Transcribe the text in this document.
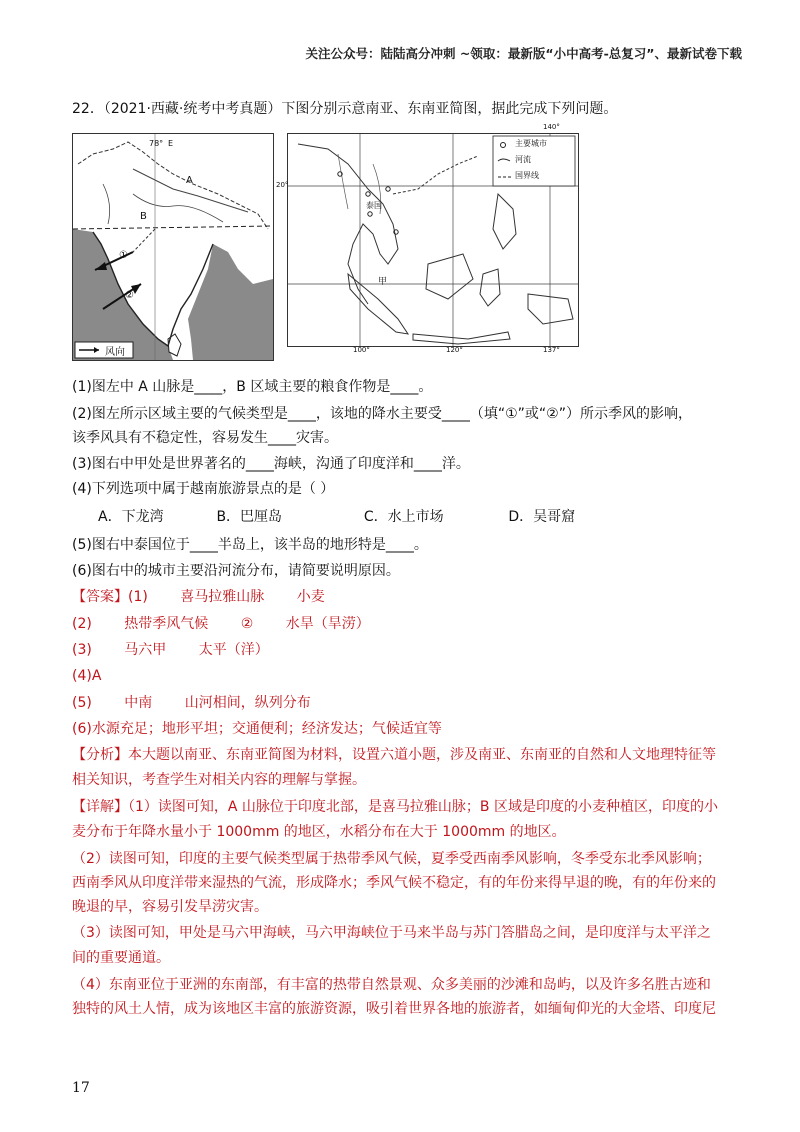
关注公众号：陆陆高分冲刺 ~领取：最新版“小中高考-总复习”、最新试卷下载
22．（2021·西藏·统考中考真题）下图分别示意南亚、东南亚简图，据此完成下列问题。
A
B
E
78°
①
②
风向
主要城市
河流
国界线
泰国
甲
140°
20°
100°	120°	137°
(1)图左中 A 山脉是____，B 区域主要的粮食作物是____。
(2)图左所示区域主要的气候类型是____，该地的降水主要受____（填“①”或“②”）所示季风的影响，
该季风具有不稳定性，容易发生____灾害。
(3)图右中甲处是世界著名的____海峡，沟通了印度洋和____洋。
(4)下列选项中属于越南旅游景点的是（ ）
A．下龙湾	B．巴厘岛	C．水上市场	D．吴哥窟
(5)图右中泰国位于____半岛上，该半岛的地形特是____。
(6)图右中的城市主要沿河流分布，请简要说明原因。
【答案】(1) 喜马拉雅山脉 小麦
(2) 热带季风气候 ② 水旱（旱涝）
(3) 马六甲 太平（洋）
(4)A
(5) 中南 山河相间，纵列分布
(6)水源充足；地形平坦；交通便利；经济发达；气候适宜等
【分析】本大题以南亚、东南亚简图为材料，设置六道小题，涉及南亚、东南亚的自然和人文地理特征等
相关知识，考查学生对相关内容的理解与掌握。
【详解】（1）读图可知，A 山脉位于印度北部，是喜马拉雅山脉；B 区域是印度的小麦种植区，印度的小
麦分布于年降水量小于 1000mm 的地区，水稻分布在大于 1000mm 的地区。
（2）读图可知，印度的主要气候类型属于热带季风气候，夏季受西南季风影响，冬季受东北季风影响；
西南季风从印度洋带来湿热的气流，形成降水；季风气候不稳定，有的年份来得早退的晚，有的年份来的
晚退的早，容易引发旱涝灾害。
（3）读图可知，甲处是马六甲海峡，马六甲海峡位于马来半岛与苏门答腊岛之间，是印度洋与太平洋之
间的重要通道。
（4）东南亚位于亚洲的东南部，有丰富的热带自然景观、众多美丽的沙滩和岛屿，以及许多名胜古迹和
独特的风土人情，成为该地区丰富的旅游资源，吸引着世界各地的旅游者，如缅甸仰光的大金塔、印度尼
17
